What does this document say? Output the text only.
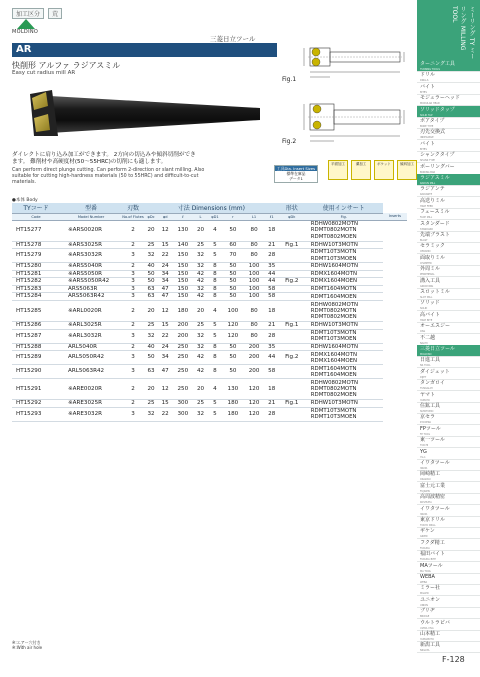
加工区分	荒
MOLDINO
三菱日立ツール
AR
快削形 アルファ ラジアスミル
Easy cut radius mill AR
Fig.1
Fig.2
ダイレクトに肩り込み加工ができます。 2方向の切込みや傾斜切削ができ
ます。 難削材や高硬度材(50～55HRC)の切削にも適します。
Can perform direct plunge cutting. Can perform 2-direction or slant milling. Also
suitable for cutting high-hardness materials (50 to 55HRC) and difficult-to-cut
materials.
工具Dia. Insert Sizes
標準在庫品
データ1
平面加工	溝加工	ポケット	傾斜加工
●本体 Body
TYコード	型番	刃数	寸法 Dimensions (mm)								形状	使用インサート	
Code	Model Number	No.of Flutes	φDc	φd	ℓ	L	φD1	r	L1	ℓ1	φDk	Fig.	Inserts
HT15277	※ARS0020R	2	20	12	130	20	4	50	80	18		RDHW0802MOTN
RDMT0802MOTN
RDMT0802MOEN	

HT15278	※ARS3025R	2	25	15	140	25	5	60	80	21	Fig.1	RDHW10T3MOTN	

HT15279	※ARS3032R	3	32	22	150	32	5	70	80	28		RDMT10T3MOTN
RDMT10T3MOEN	

HT15280	※ARS5040R	2	40	24	150	32	8	50	100	35		RDHW1604MOTN	

HT15281	※ARS5050R	3	50	34	150	42	8	50	100	44		RDMX1604MOTN	

HT15282	※ARS5050R42	3	50	34	150	42	8	50	100	44	Fig.2	RDMX1604MOEN	

HT15283	ARS5063R	3	63	47	150	32	8	50	100	58		RDMT1604MOTN	

HT15284	ARS5063R42	3	63	47	150	42	8	50	100	58		RDMT1604MOEN	

HT15285	※ARL0020R	2	20	12	180	20	4	100	80	18		RDHW0802MOTN
RDMT0802MOTN
RDMT0802MOEN	

HT15286	※ARL3025R	2	25	15	200	25	5	120	80	21	Fig.1	RDHW10T3MOTN	

HT15287	※ARL3032R	3	32	22	200	32	5	120	80	28		RDMT10T3MOTN
RDMT10T3MOEN	

HT15288	ARL5040R	2	40	24	250	32	8	50	200	35		RDHW1604MOTN	

HT15289	ARL5050R42	3	50	34	250	42	8	50	200	44	Fig.2	RDMX1604MOTN
RDMX1604MOEN	

HT15290	ARL5063R42	3	63	47	250	42	8	50	200	58		RDMT1604MOTN
RDMT1604MOEN	

HT15291	※ARE0020R	2	20	12	250	20	4	130	120	18		RDHW0802MOTN
RDMT0802MOTN
RDMT0802MOEN	

HT15292	※ARE3025R	2	25	15	300	25	5	180	120	21	Fig.1	RDHW10T3MOTN	

HT15293	※ARE3032R	3	32	22	300	32	5	180	120	28		RDMT10T3MOTN
RDMT10T3MOEN	
※:エアー穴付き
※:With air hole
ミーリング TY ミーリング MILLING TOOL
ターニング工具
TURNING TOOLS
ドリル
DRILLS
バイト
BITES
モジュラーヘッド
MODULAR HEAD
ソリッドタップ
SOLID TAP
ボアタイプ
BORE TYPE
刃先交換式
INDEXABLE
バイト
BITES
シャンクタイプ
SHANK TYPE
ボーリングバー
BORING BAR
ラジアスミル
RADIUS MILL
ラジアンテ
RADIANTE
高送りミル
HIGH FEED
フェースミル
FACE MILL
スタンダード
STANDARD
先端ブラスト
BLAST
セラミック
CERAMIC
面取りミル
CHAMFER
外周ミル
PERIPHERAL
溝入工具
GROOVING
スロットミル
SLOT MILL
ソリッド
SOLID
高バイト
HIGH BITE
オーエスジー
OSG
不二越
NACHI
三菱日立ツール
MOLDINO
日進工具
NS TOOL
ダイジェット
DIJET
タンガロイ
TUNGALOY
ヤマト
YAMATO
住鉱工具
SUMITOMO
京セラ
KYOCERA
FPツール
FP TOOL
東一ツール
TOICHI
YG
YG-1
イワタツール
IWATA
岡崎精工
OKAZAKI
富士元工業
FUJIGEN
高周波精密
KOSHUHA
イワタツール
IWATA
東京ドリル
TOKYO DRILL
ギケン
GIKEN
フクダ精工
FUKUDA
福田バイト
FUKUDA BITE
MAツール
MA TOOL
WEBA
WEBA
ミラー社
MILLER
ユニオン
UNION
ブリヂ
BRIDGE
ウルトラビバ
ULTRA VIVA
山本精工
YAMAMOTO
新潟工具
NIIGATA
F-128
